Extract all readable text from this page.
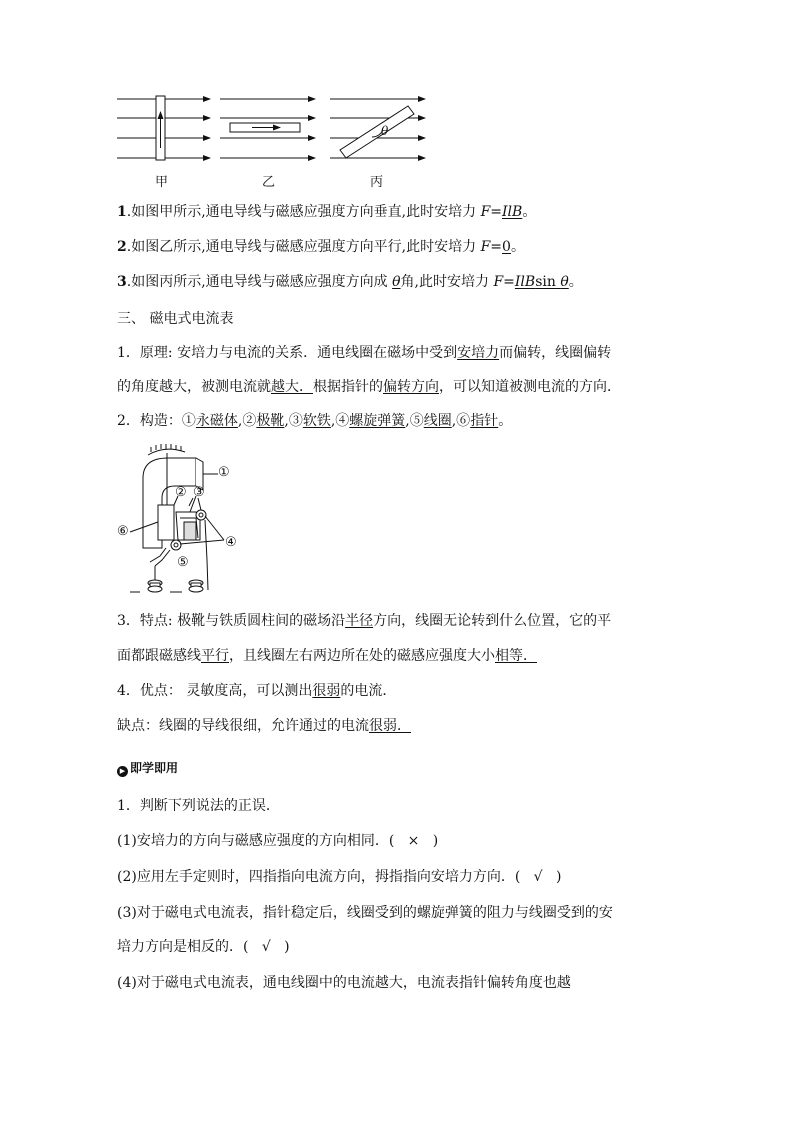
θ
甲	乙	丙
1.如图甲所示,通电导线与磁感应强度方向垂直,此时安培力 F=IlB。
2.如图乙所示,通电导线与磁感应强度方向平行,此时安培力 F=0。
3.如图丙所示,通电导线与磁感应强度方向成 θ角,此时安培力 F=IlBsin θ。
三、 磁电式电流表
1．原理: 安培力与电流的关系．通电线圈在磁场中受到安培力而偏转，线圈偏转
的角度越大，被测电流就越大．根据指针的偏转方向，可以知道被测电流的方向．
2．构造：①永磁体,②极靴,③软铁,④螺旋弹簧,⑤线圈,⑥指针。
①
② ③
④
⑤
⑥
3．特点: 极靴与铁质圆柱间的磁场沿半径方向，线圈无论转到什么位置，它的平
面都跟磁感线平行，且线圈左右两边所在处的磁感应强度大小相等．
4．优点： 灵敏度高，可以测出很弱的电流．
缺点：线圈的导线很细，允许通过的电流很弱．
▶ 即学即用
1．判断下列说法的正误．
(1)安培力的方向与磁感应强度的方向相同．( × )
(2)应用左手定则时，四指指向电流方向，拇指指向安培力方向．( √ )
(3)对于磁电式电流表，指针稳定后，线圈受到的螺旋弹簧的阻力与线圈受到的安
培力方向是相反的．( √ )
(4)对于磁电式电流表，通电线圈中的电流越大，电流表指针偏转角度也越
